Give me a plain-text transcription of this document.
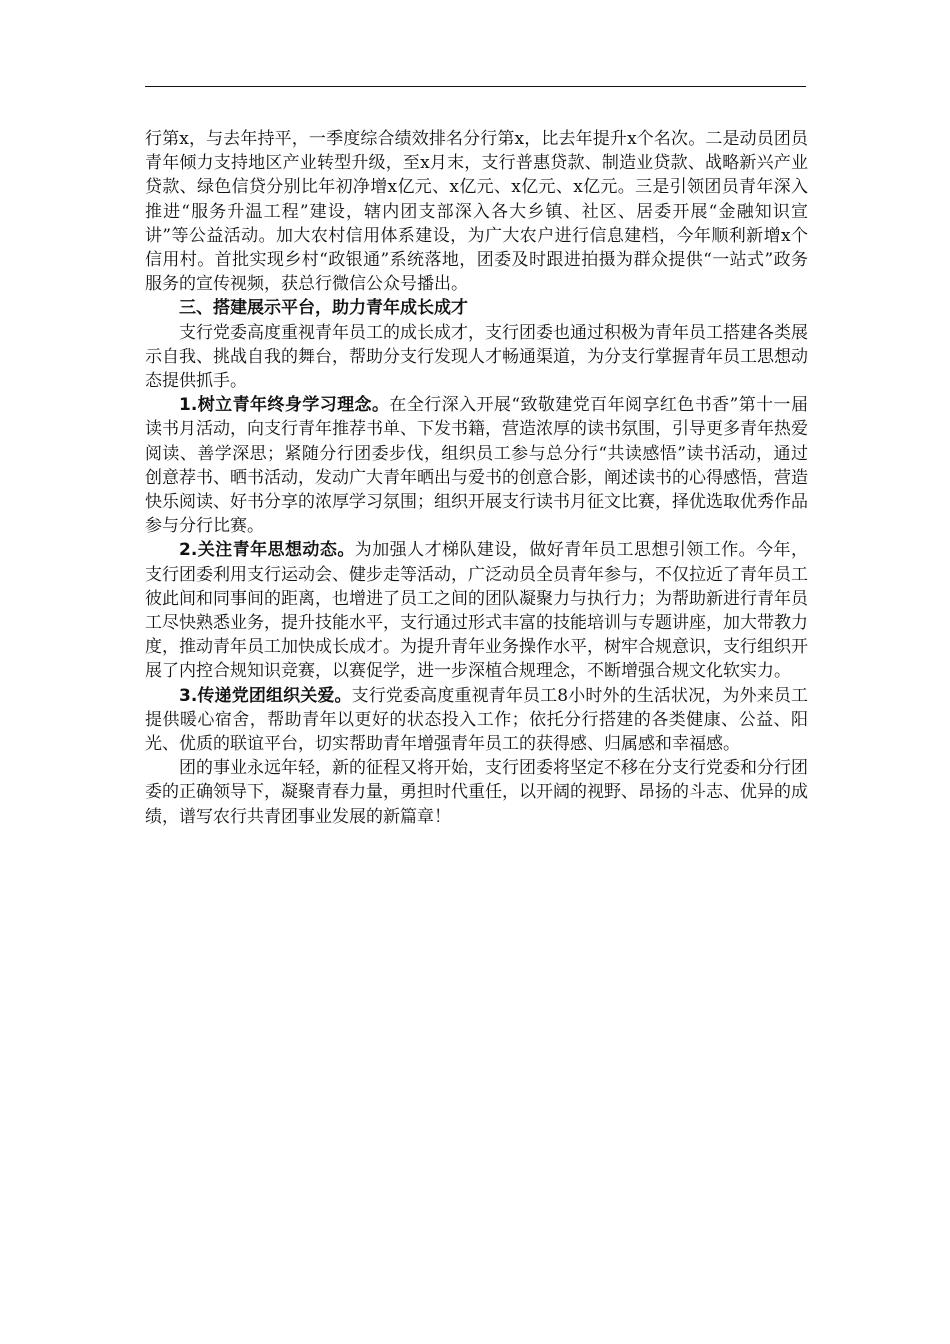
行第x，与去年持平，一季度综合绩效排名分行第x，比去年提升x个名次。二是动员团员青年倾力支持地区产业转型升级，至x月末，支行普惠贷款、制造业贷款、战略新兴产业贷款、绿色信贷分别比年初净增x亿元、x亿元、x亿元、x亿元。三是引领团员青年深入推进“服务升温工程”建设，辖内团支部深入各大乡镇、社区、居委开展“金融知识宣讲”等公益活动。加大农村信用体系建设，为广大农户进行信息建档，今年顺利新增x个信用村。首批实现乡村“政银通”系统落地，团委及时跟进拍摄为群众提供“一站式”政务服务的宣传视频，获总行微信公众号播出。

三、搭建展示平台，助力青年成长成才

支行党委高度重视青年员工的成长成才，支行团委也通过积极为青年员工搭建各类展示自我、挑战自我的舞台，帮助分支行发现人才畅通渠道，为分支行掌握青年员工思想动态提供抓手。

1.树立青年终身学习理念。在全行深入开展“致敬建党百年阅享红色书香”第十一届读书月活动，向支行青年推荐书单、下发书籍，营造浓厚的读书氛围，引导更多青年热爱阅读、善学深思；紧随分行团委步伐，组织员工参与总分行“共读感悟”读书活动，通过创意荐书、晒书活动，发动广大青年晒出与爱书的创意合影，阐述读书的心得感悟，营造快乐阅读、好书分享的浓厚学习氛围；组织开展支行读书月征文比赛，择优选取优秀作品参与分行比赛。

2.关注青年思想动态。为加强人才梯队建设，做好青年员工思想引领工作。今年，支行团委利用支行运动会、健步走等活动，广泛动员全员青年参与，不仅拉近了青年员工彼此间和同事间的距离，也增进了员工之间的团队凝聚力与执行力；为帮助新进行青年员工尽快熟悉业务，提升技能水平，支行通过形式丰富的技能培训与专题讲座，加大带教力度，推动青年员工加快成长成才。为提升青年业务操作水平，树牢合规意识，支行组织开展了内控合规知识竞赛，以赛促学，进一步深植合规理念，不断增强合规文化软实力。

3.传递党团组织关爱。支行党委高度重视青年员工8小时外的生活状况，为外来员工提供暖心宿舍，帮助青年以更好的状态投入工作；依托分行搭建的各类健康、公益、阳光、优质的联谊平台，切实帮助青年增强青年员工的获得感、归属感和幸福感。

团的事业永远年轻，新的征程又将开始，支行团委将坚定不移在分支行党委和分行团委的正确领导下，凝聚青春力量，勇担时代重任，以开阔的视野、昂扬的斗志、优异的成绩，谱写农行共青团事业发展的新篇章！
